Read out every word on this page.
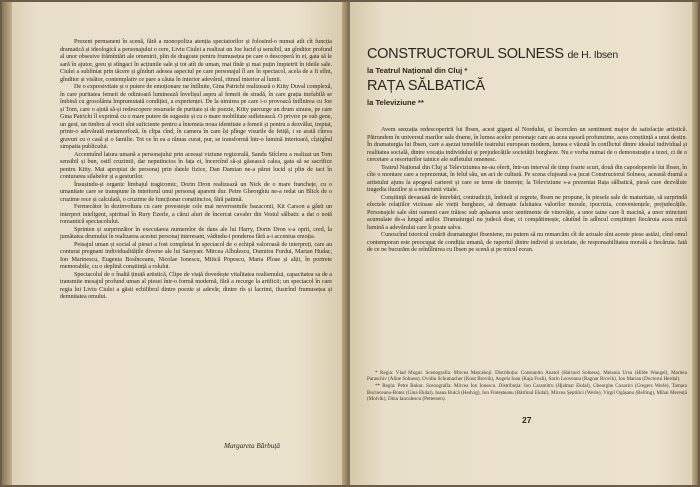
Prezent permanent în scenă, fără a monopoliza atenția spectatorilor și folosind-o numai atît cît funcția dramatică și ideologică a personajului o cere, Liviu Ciulei a realizat un Joe lucid și sensibil, un gînditor profund al unor obsesive frămîntări ale omenirii, plin de dragoste pentru frumusețea pe care o descoperă în ei, gata să le sară în ajutor, greu și stîngaci în acțiunile sale și tot atît de uman, mai tînăr și mai puțin împietrit în ideile sale. Ciulei a subliniat prin tăcere și gînduri adesea aspectul pe care personajul îl are în spectacol, acela de a fi sfînt, gînditor și visător, contemplativ ce pare a căuta în interior adevărul, ritmul interior al lumii.

De o expresivitate și o putere de emoționare rar întîlnite, Gina Patrichi realizează o Kitty Duval complexă, în care puritatea femeii de odinioară luminează învelișul aspru al femeii de stradă, în care grația inefabilă se îmbină cu grosolănia împrumutată condiției, a experienței. De la uimirea pe care i-o provoacă întîlnirea cu Joe și Tom, care o ajută să-și redescopere resursele de puritate și de poezie, Kitty parcurge un drum sinuos, pe care Gina Patrichi îl exprimă cu o mare putere de sugestie și cu o mare mobilitate sufletească. O privire pe sub gene, un gest, un timbru al vocii sînt suficiente pentru a întemeia noua identitate a femeii și pentru a dezvălui, treptat, printr-o adevărată metamorfoză, în clipa cînd, în camera în care își plînge visurile de fetiță, i se arată cîteva gravuri cu o casă și o familie. Tot ce în ea a rămas curat, pur, se transformă într-o lumină interioară, cîștigînd simpatia publicului.

Accentuînd latura umană a personajului prin aceeași viziune regizorală, Sandu Stîcleru a realizat un Tom sensibil și bun, ostil cruzimii, dar neputincios în fața ei, încercînd să-și găsească calea, gata să se sacrifice pentru Kitty. Mai apropiat de personaj prin datele fizice, Dan Damian ne-a părut lucid și plin de tact în conturarea silabelor și a gesturilor.

Însușindu-și organic limbajul tragicomic, Dorin Dron realizează un Nick de o mare franchețe, cu o umanitate care se transpune în interiorul unui personaj aparent dur. Petre Gheorghiu ne-a redat un Blick de o cruzime rece și calculată, o cruzime de funcționar conștiincios, fără patimă.

Fermecător în dezinvoltura cu care povestește cele mai neverosimile bazaconii, Kit Carson a găsit un interpret inteligent, spiritual în Rury Ezerle, a cărui aluri de încercat cavaler din Vestul sălbatic a dat o notă romantică spectacolului.

Sprinten și surprinzător în executarea numerelor de dans ale lui Harry, Dorin Dron s-a oprit, cred, la jumătatea drumului în realizarea acestui personaj interesant, vădindu-i ponderea fără a-i accentua emoția.

Peisajul uman și social al piesei a fost completat în spectacol de o echipă valoroasă de interpreți, care au conturat pregnant individualitățile diverse ale lui Saroyan: Mircea Albulescu, Dumitru Furdui, Marian Hudac, Ion Marinescu, Eugenia Bosînceanu, Nicolae Ionescu, Mitică Popescu, Maria Ploae și alții, în portrete memorabile, cu o deplină conștiință a rolului.

Spectacolul de o înaltă ținută artistică, Clipe de viață dovedește vitalitatea realismului, capacitatea sa de a transmite mesajul profund uman al piesei într-o formă modernă, fără a recurge la artificii; un spectacol în care regia lui Liviu Ciulei a găsit echilibrul dintre poezie și adevăr, dintre rîs și lacrimi, ilustrînd frumusețea și demnitatea omului.

Margareta Bărbuță
CONSTRUCTORUL SOLNESS de H. Ibsen
la Teatrul Național din Cluj *
RAȚA SĂLBATICĂ
la Televiziune **

Avem senzația redescoperirii lui Ibsen, acest gigant al Nordului, și încercăm un sentiment major de satisfacție artistică. Pătrundem în universul marilor sale drame, în lumea acelor personaje care au acea ușoară profunzime, acea conștiință a unui destin. În dramaturgia lui Ibsen, care a așezat temeliile teatrului european modern, lumea e văzută în conflictul dintre idealul individual și realitatea socială, dintre vocația individului și prejudecățile societății burgheze. Nu e vorba numai de o demonstrație a tezei, ci de o cercetare a resorturilor tainice ale sufletului omenesc.

Teatrul Național din Cluj și Televiziunea ne-au oferit, într-un interval de timp foarte scurt, două din capodoperele lui Ibsen, în cîte o montare care a reprezentat, în felul său, un act de cultură. Pe scena clujeană s-a jucat Constructorul Solness, această dramă a artistului ajuns la apogeul carierei și care se teme de tinerețe; la Televiziune s-a prezentat Rața sălbatică, piesă care dezvăluie tragedia iluziilor și a minciunii vitale.

Conștiință devastată de întrebări, contradicții, îndoieli și regrete, Ibsen ne propune, în piesele sale de maturitate, să surprindă efectele relațiilor vicioase ale vieții burgheze, să demaște falsitatea valorilor morale, ipocrizia, conveniențele, prejudecățile. Personajele sale sînt oameni care trăiesc sub apăsarea unor sentimente de vinovăție, a unor taine care îi macină, a unor minciuni acumulate de-a lungul anilor. Dramaturgul nu judecă doar, ci compătimește, căutînd în adîncul conștiinței fiecăruia acea mică lumină a adevărului care îi poate salva.

Cunoscînd istoricul creării dramaturgiei ibseniene, nu putem să nu remarcăm cît de actuale sînt aceste piese astăzi, cînd omul contemporan este preocupat de condiția umană, de raportul dintre individ și societate, de responsabilitatea morală a fiecăruia. Iată de ce ne bucurăm de reîntîlnirea cu Ibsen pe scenă și pe micul ecran.

* Regia: Vlad Mugur. Scenografia: Mircea Matcaboji. Distribuția: Constantin Anatol (Halvard Solness), Melania Ursu (Hilde Wangel), Marieta Paraschiv (Aline Solness), Ovidiu Schumacher (Knut Brovik), Angela Ioan (Kaja Fosli), Sorin Leoveanu (Ragnar Brovik), Ion Marian (Doctorul Herdal).

** Regia: Petre Bokor. Scenografia: Mircea Ion Ionescu. Distribuția: Ion Caramitru (Hjalmar Ekdal), Gheorghe Cozorici (Gregers Werle), Tamara Buciuceanu-Botez (Gina Ekdal), Ioana Bulcă (Hedvig), Ion Finteșteanu (Bătrînul Ekdal), Mircea Șeptilici (Werle), Virgil Ogășanu (Relling), Mihai Mereuță (Molvik), Dinu Ianculescu (Pettersen).

27
